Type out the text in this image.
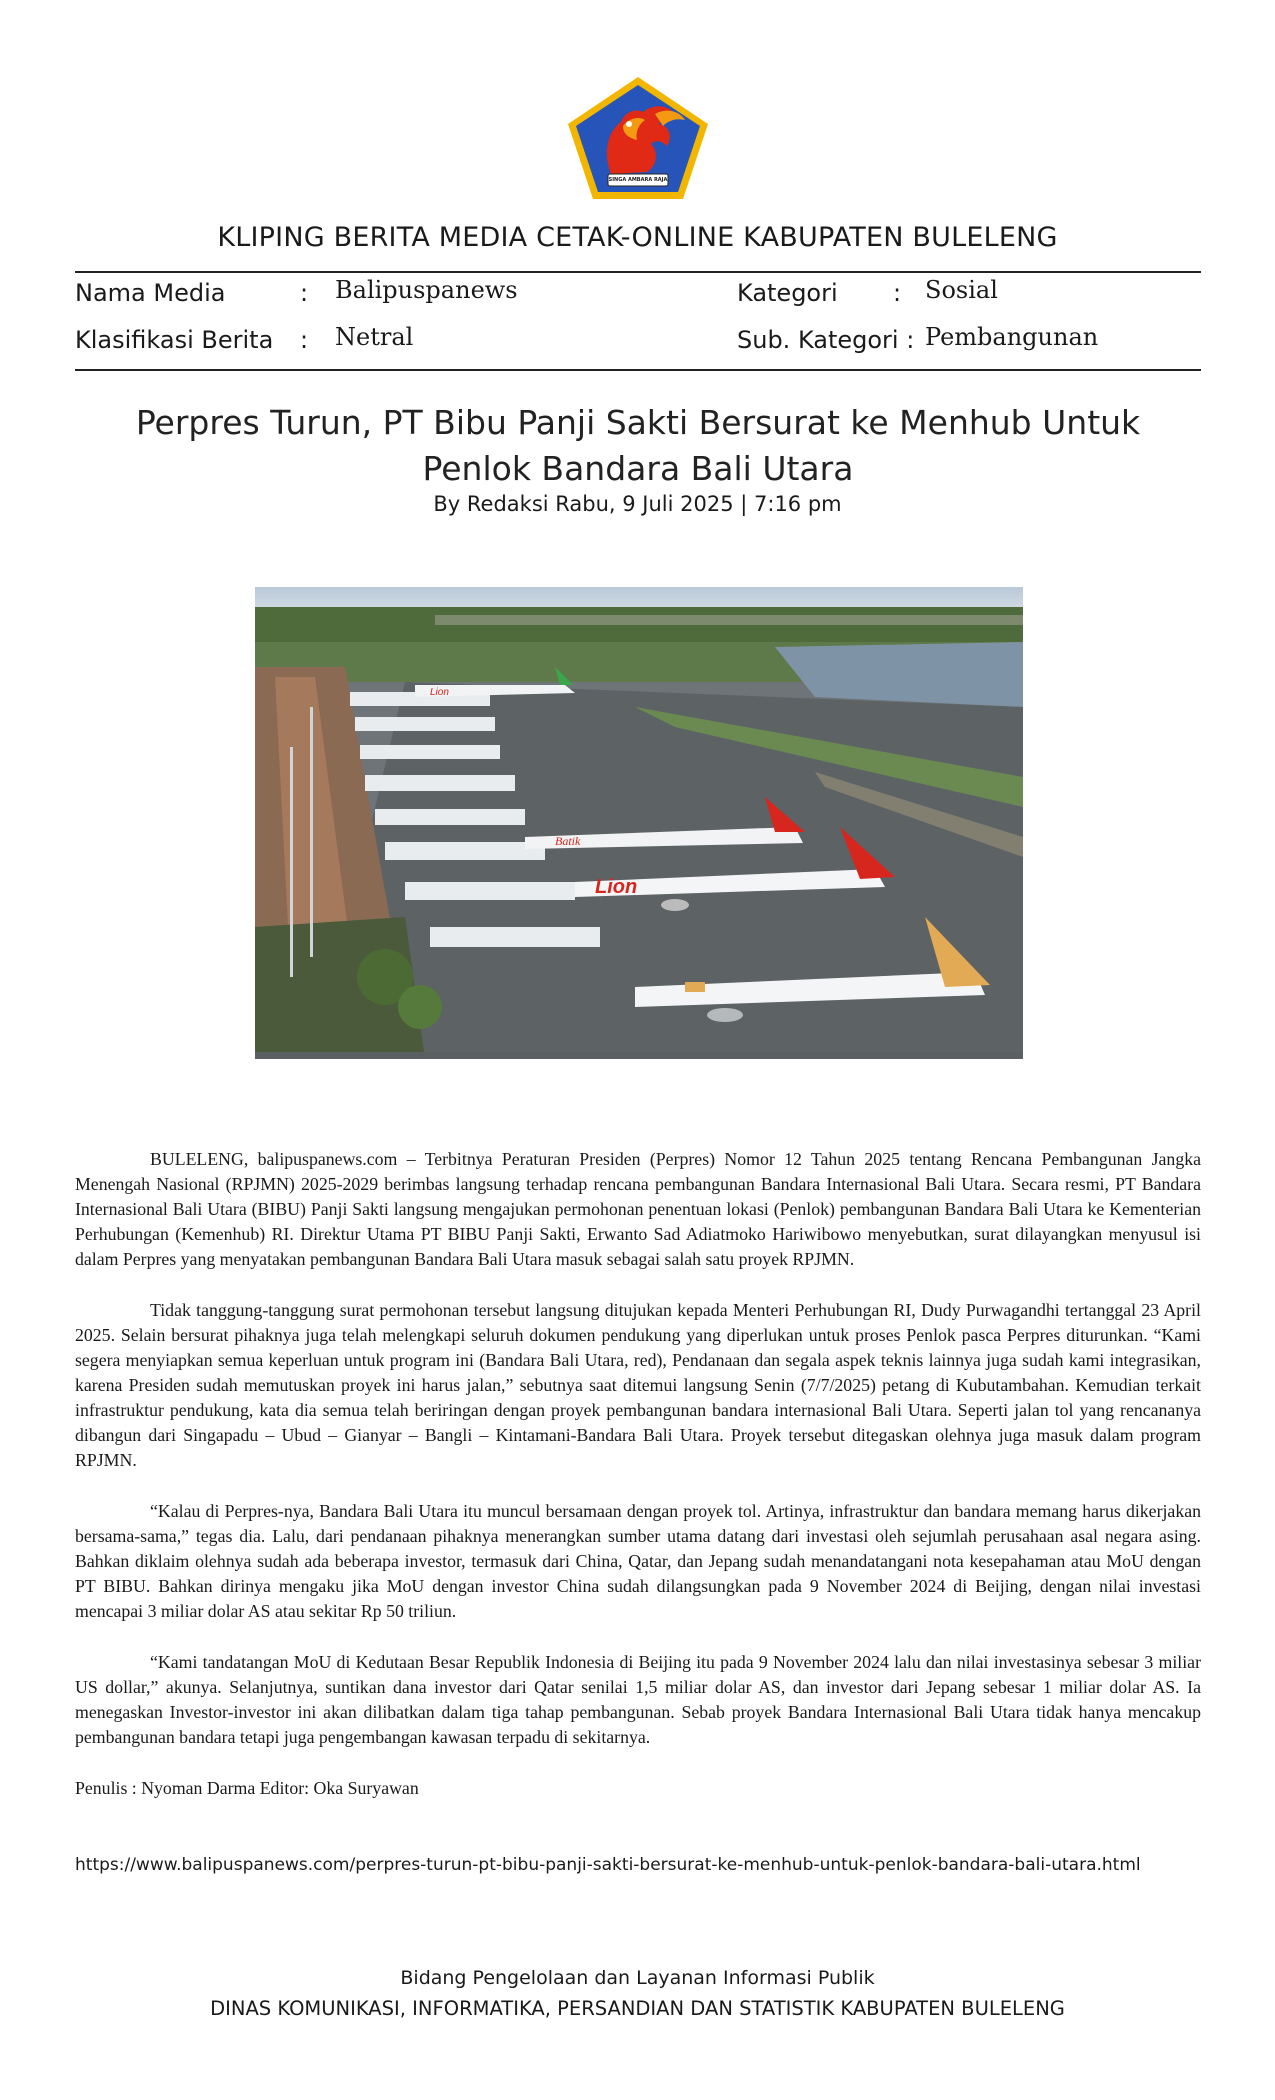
SINGA AMBARA RAJA
KLIPING BERITA MEDIA CETAK-ONLINE KABUPATEN BULELENG
Nama Media	: Balipuspanews	Kategori : Sosial
Klasifikasi Berita : Netral	Sub. Kategori : Pembangunan
Perpres Turun, PT Bibu Panji Sakti Bersurat ke Menhub Untuk Penlok Bandara Bali Utara
By Redaksi Rabu, 9 Juli 2025 | 7:16 pm
Lion
Batik
Lion

BULELENG, balipuspanews.com – Terbitnya Peraturan Presiden (Perpres) Nomor 12 Tahun 2025 tentang Rencana Pembangunan Jangka Menengah Nasional (RPJMN) 2025-2029 berimbas langsung terhadap rencana pembangunan Bandara Internasional Bali Utara. Secara resmi, PT Bandara Internasional Bali Utara (BIBU) Panji Sakti langsung mengajukan permohonan penentuan lokasi (Penlok) pembangunan Bandara Bali Utara ke Kementerian Perhubungan (Kemenhub) RI. Direktur Utama PT BIBU Panji Sakti, Erwanto Sad Adiatmoko Hariwibowo menyebutkan, surat dilayangkan menyusul isi dalam Perpres yang menyatakan pembangunan Bandara Bali Utara masuk sebagai salah satu proyek RPJMN.

Tidak tanggung-tanggung surat permohonan tersebut langsung ditujukan kepada Menteri Perhubungan RI, Dudy Purwagandhi tertanggal 23 April 2025. Selain bersurat pihaknya juga telah melengkapi seluruh dokumen pendukung yang diperlukan untuk proses Penlok pasca Perpres diturunkan. “Kami segera menyiapkan semua keperluan untuk program ini (Bandara Bali Utara, red), Pendanaan dan segala aspek teknis lainnya juga sudah kami integrasikan, karena Presiden sudah memutuskan proyek ini harus jalan,” sebutnya saat ditemui langsung Senin (7/7/2025) petang di Kubutambahan. Kemudian terkait infrastruktur pendukung, kata dia semua telah beriringan dengan proyek pembangunan bandara internasional Bali Utara. Seperti jalan tol yang rencananya dibangun dari Singapadu – Ubud – Gianyar – Bangli – Kintamani-Bandara Bali Utara. Proyek tersebut ditegaskan olehnya juga masuk dalam program RPJMN.

“Kalau di Perpres-nya, Bandara Bali Utara itu muncul bersamaan dengan proyek tol. Artinya, infrastruktur dan bandara memang harus dikerjakan bersama-sama,” tegas dia. Lalu, dari pendanaan pihaknya menerangkan sumber utama datang dari investasi oleh sejumlah perusahaan asal negara asing. Bahkan diklaim olehnya sudah ada beberapa investor, termasuk dari China, Qatar, dan Jepang sudah menandatangani nota kesepahaman atau MoU dengan PT BIBU. Bahkan dirinya mengaku jika MoU dengan investor China sudah dilangsungkan pada 9 November 2024 di Beijing, dengan nilai investasi mencapai 3 miliar dolar AS atau sekitar Rp 50 triliun.

“Kami tandatangan MoU di Kedutaan Besar Republik Indonesia di Beijing itu pada 9 November 2024 lalu dan nilai investasinya sebesar 3 miliar US dollar,” akunya. Selanjutnya, suntikan dana investor dari Qatar senilai 1,5 miliar dolar AS, dan investor dari Jepang sebesar 1 miliar dolar AS. Ia menegaskan Investor-investor ini akan dilibatkan dalam tiga tahap pembangunan. Sebab proyek Bandara Internasional Bali Utara tidak hanya mencakup pembangunan bandara tetapi juga pengembangan kawasan terpadu di sekitarnya.

Penulis : Nyoman Darma Editor: Oka Suryawan

https://www.balipuspanews.com/perpres-turun-pt-bibu-panji-sakti-bersurat-ke-menhub-untuk-penlok-bandara-bali-utara.html
Bidang Pengelolaan dan Layanan Informasi Publik
DINAS KOMUNIKASI, INFORMATIKA, PERSANDIAN DAN STATISTIK KABUPATEN BULELENG
